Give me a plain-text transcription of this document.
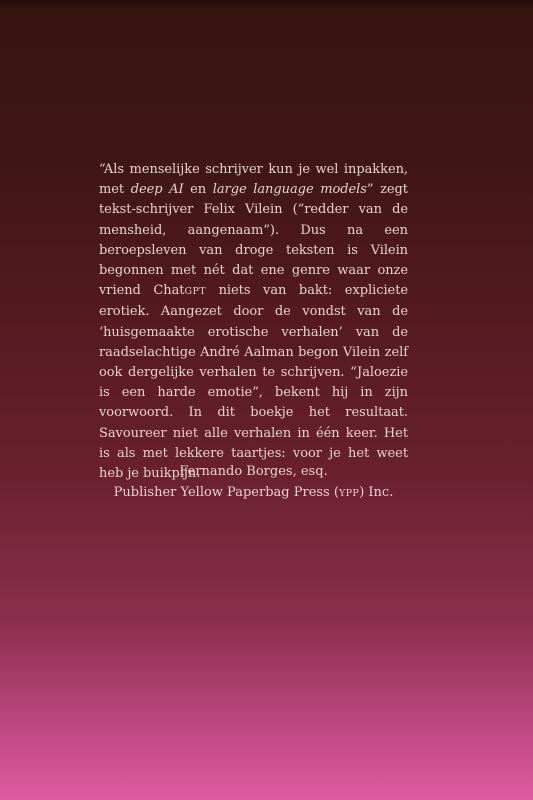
“Als menselijke schrijver kun je wel inpakken, met deep AI en large language models” zegt tekst-schrijver Felix Vilein (“redder van de mensheid, aangenaam”). Dus na een beroepsleven van droge teksten is Vilein begonnen met nét dat ene genre waar onze vriend ChatGPT niets van bakt: expliciete erotiek. Aangezet door de vondst van de ‘huisgemaakte erotische verhalen’ van de raadselachtige André Aalman begon Vilein zelf ook dergelijke verhalen te schrijven. “Jaloezie is een harde emotie”, bekent hij in zijn voorwoord. In dit boekje het resultaat. Savoureer niet alle verhalen in één keer. Het is als met lekkere taartjes: voor je het weet heb je buikpijn.

Fernando Borges, esq.
Publisher Yellow Paperbag Press (YPP) Inc.
